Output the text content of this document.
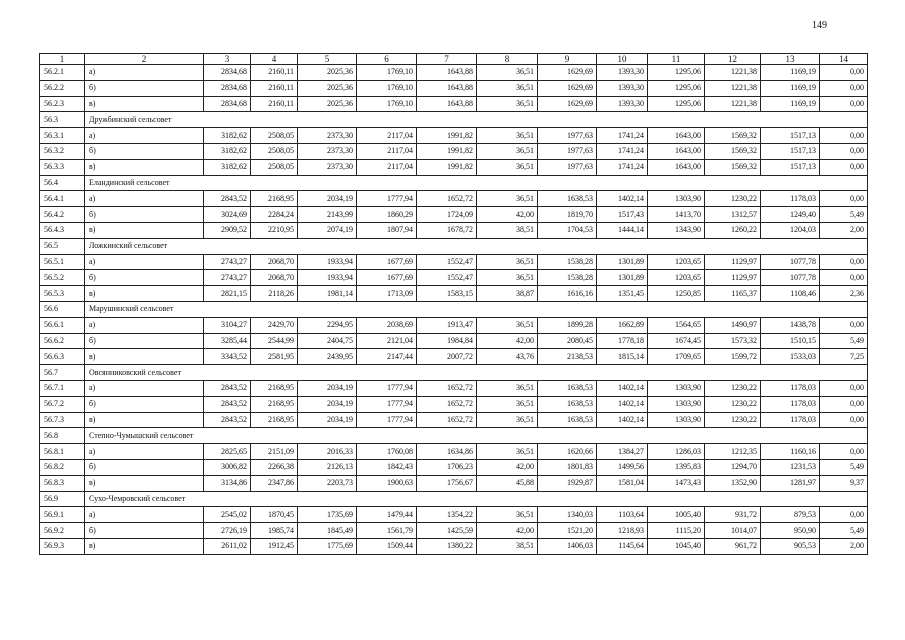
149
1	2	3	4	5	6	7	8	9	10	11	12	13	14
56.2.1	а)	2834,68	2160,11	2025,36	1769,10	1643,88	36,51	1629,69	1393,30	1295,06	1221,38	1169,19	0,00
56.2.2	б)	2834,68	2160,11	2025,36	1769,10	1643,88	36,51	1629,69	1393,30	1295,06	1221,38	1169,19	0,00
56.2.3	в)	2834,68	2160,11	2025,36	1769,10	1643,88	36,51	1629,69	1393,30	1295,06	1221,38	1169,19	0,00
56.3	Дружбинский сельсовет												
56.3.1	а)	3182,62	2508,05	2373,30	2117,04	1991,82	36,51	1977,63	1741,24	1643,00	1569,32	1517,13	0,00
56.3.2	б)	3182,62	2508,05	2373,30	2117,04	1991,82	36,51	1977,63	1741,24	1643,00	1569,32	1517,13	0,00
56.3.3	в)	3182,62	2508,05	2373,30	2117,04	1991,82	36,51	1977,63	1741,24	1643,00	1569,32	1517,13	0,00
56.4	Еландинский сельсовет												
56.4.1	а)	2843,52	2168,95	2034,19	1777,94	1652,72	36,51	1638,53	1402,14	1303,90	1230,22	1178,03	0,00
56.4.2	б)	3024,69	2284,24	2143,99	1860,29	1724,09	42,00	1819,70	1517,43	1413,70	1312,57	1249,40	5,49
56.4.3	в)	2909,52	2210,95	2074,19	1807,94	1678,72	38,51	1704,53	1444,14	1343,90	1260,22	1204,03	2,00
56.5	Ложкинский сельсовет												
56.5.1	а)	2743,27	2068,70	1933,94	1677,69	1552,47	36,51	1538,28	1301,89	1203,65	1129,97	1077,78	0,00
56.5.2	б)	2743,27	2068,70	1933,94	1677,69	1552,47	36,51	1538,28	1301,89	1203,65	1129,97	1077,78	0,00
56.5.3	в)	2821,15	2118,26	1981,14	1713,09	1583,15	38,87	1616,16	1351,45	1250,85	1165,37	1108,46	2,36
56.6	Марушинский сельсовет												
56.6.1	а)	3104,27	2429,70	2294,95	2038,69	1913,47	36,51	1899,28	1662,89	1564,65	1490,97	1438,78	0,00
56.6.2	б)	3285,44	2544,99	2404,75	2121,04	1984,84	42,00	2080,45	1778,18	1674,45	1573,32	1510,15	5,49
56.6.3	в)	3343,52	2581,95	2439,95	2147,44	2007,72	43,76	2138,53	1815,14	1709,65	1599,72	1533,03	7,25
56.7	Овсянниковский сельсовет												
56.7.1	а)	2843,52	2168,95	2034,19	1777,94	1652,72	36,51	1638,53	1402,14	1303,90	1230,22	1178,03	0,00
56.7.2	б)	2843,52	2168,95	2034,19	1777,94	1652,72	36,51	1638,53	1402,14	1303,90	1230,22	1178,03	0,00
56.7.3	в)	2843,52	2168,95	2034,19	1777,94	1652,72	36,51	1638,53	1402,14	1303,90	1230,22	1178,03	0,00
56.8	Степно-Чумышский сельсовет												
56.8.1	а)	2825,65	2151,09	2016,33	1760,08	1634,86	36,51	1620,66	1384,27	1286,03	1212,35	1160,16	0,00
56.8.2	б)	3006,82	2266,38	2126,13	1842,43	1706,23	42,00	1801,83	1499,56	1395,83	1294,70	1231,53	5,49
56.8.3	в)	3134,86	2347,86	2203,73	1900,63	1756,67	45,88	1929,87	1581,04	1473,43	1352,90	1281,97	9,37
56.9	Сухо-Чемровский сельсовет												
56.9.1	а)	2545,02	1870,45	1735,69	1479,44	1354,22	36,51	1340,03	1103,64	1005,40	931,72	879,53	0,00
56.9.2	б)	2726,19	1985,74	1845,49	1561,79	1425,59	42,00	1521,20	1218,93	1115,20	1014,07	950,90	5,49
56.9.3	в)	2611,02	1912,45	1775,69	1509,44	1380,22	38,51	1406,03	1145,64	1045,40	961,72	905,53	2,00
